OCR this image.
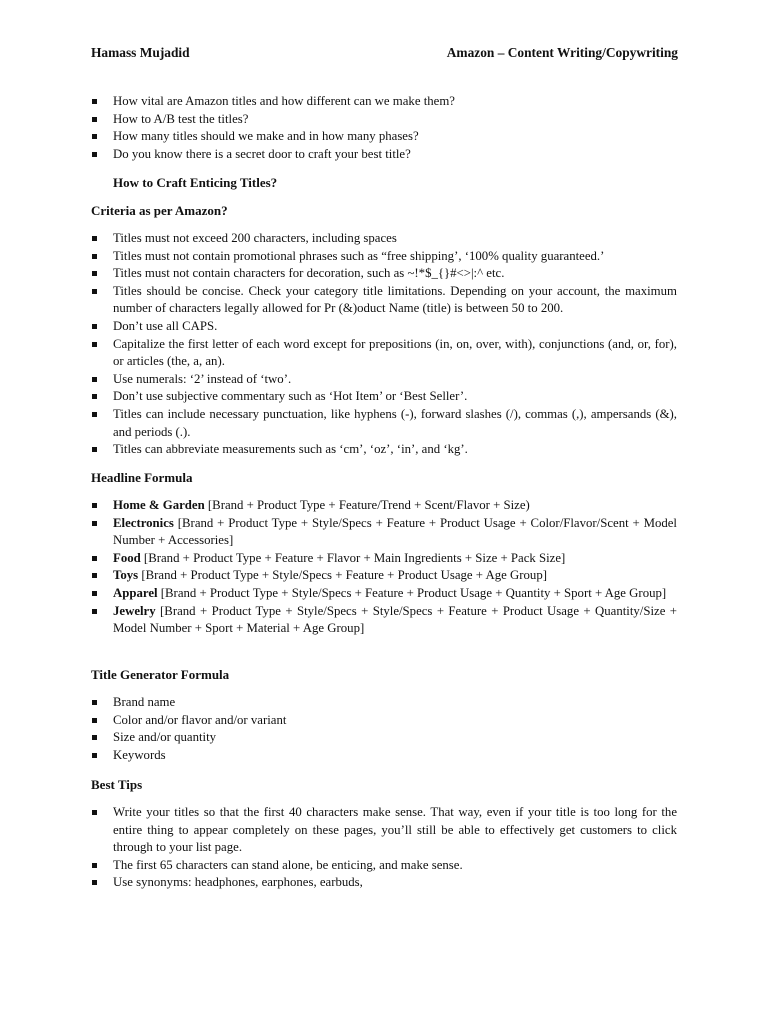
Hamass Mujadid	Amazon – Content Writing/Copywriting
How vital are Amazon titles and how different can we make them?
How to A/B test the titles?
How many titles should we make and in how many phases?
Do you know there is a secret door to craft your best title?
How to Craft Enticing Titles?
Criteria as per Amazon?
Titles must not exceed 200 characters, including spaces
Titles must not contain promotional phrases such as “free shipping’, ‘100% quality guaranteed.’
Titles must not contain characters for decoration, such as ~!*$_{}#<>|:^ etc.
Titles should be concise. Check your category title limitations. Depending on your account, the maximum number of characters legally allowed for Pr (&)oduct Name (title) is between 50 to 200.
Don’t use all CAPS.
Capitalize the first letter of each word except for prepositions (in, on, over, with), conjunctions (and, or, for), or articles (the, a, an).
Use numerals: ‘2’ instead of ‘two’.
Don’t use subjective commentary such as ‘Hot Item’ or ‘Best Seller’.
Titles can include necessary punctuation, like hyphens (-), forward slashes (/), commas (,), ampersands (&), and periods (.).
Titles can abbreviate measurements such as ‘cm’, ‘oz’, ‘in’, and ‘kg’.
Headline Formula
Home & Garden [Brand + Product Type + Feature/Trend + Scent/Flavor + Size)
Electronics [Brand + Product Type + Style/Specs + Feature + Product Usage + Color/Flavor/Scent + Model Number + Accessories]
Food [Brand + Product Type + Feature + Flavor + Main Ingredients + Size + Pack Size]
Toys [Brand + Product Type + Style/Specs + Feature + Product Usage + Age Group]
Apparel [Brand + Product Type + Style/Specs + Feature + Product Usage + Quantity + Sport + Age Group]
Jewelry [Brand + Product Type + Style/Specs + Style/Specs + Feature + Product Usage + Quantity/Size + Model Number + Sport + Material + Age Group]
Title Generator Formula
Brand name
Color and/or flavor and/or variant
Size and/or quantity
Keywords
Best Tips
Write your titles so that the first 40 characters make sense. That way, even if your title is too long for the entire thing to appear completely on these pages, you’ll still be able to effectively get customers to click through to your list page.
The first 65 characters can stand alone, be enticing, and make sense.
Use synonyms: headphones, earphones, earbuds,
